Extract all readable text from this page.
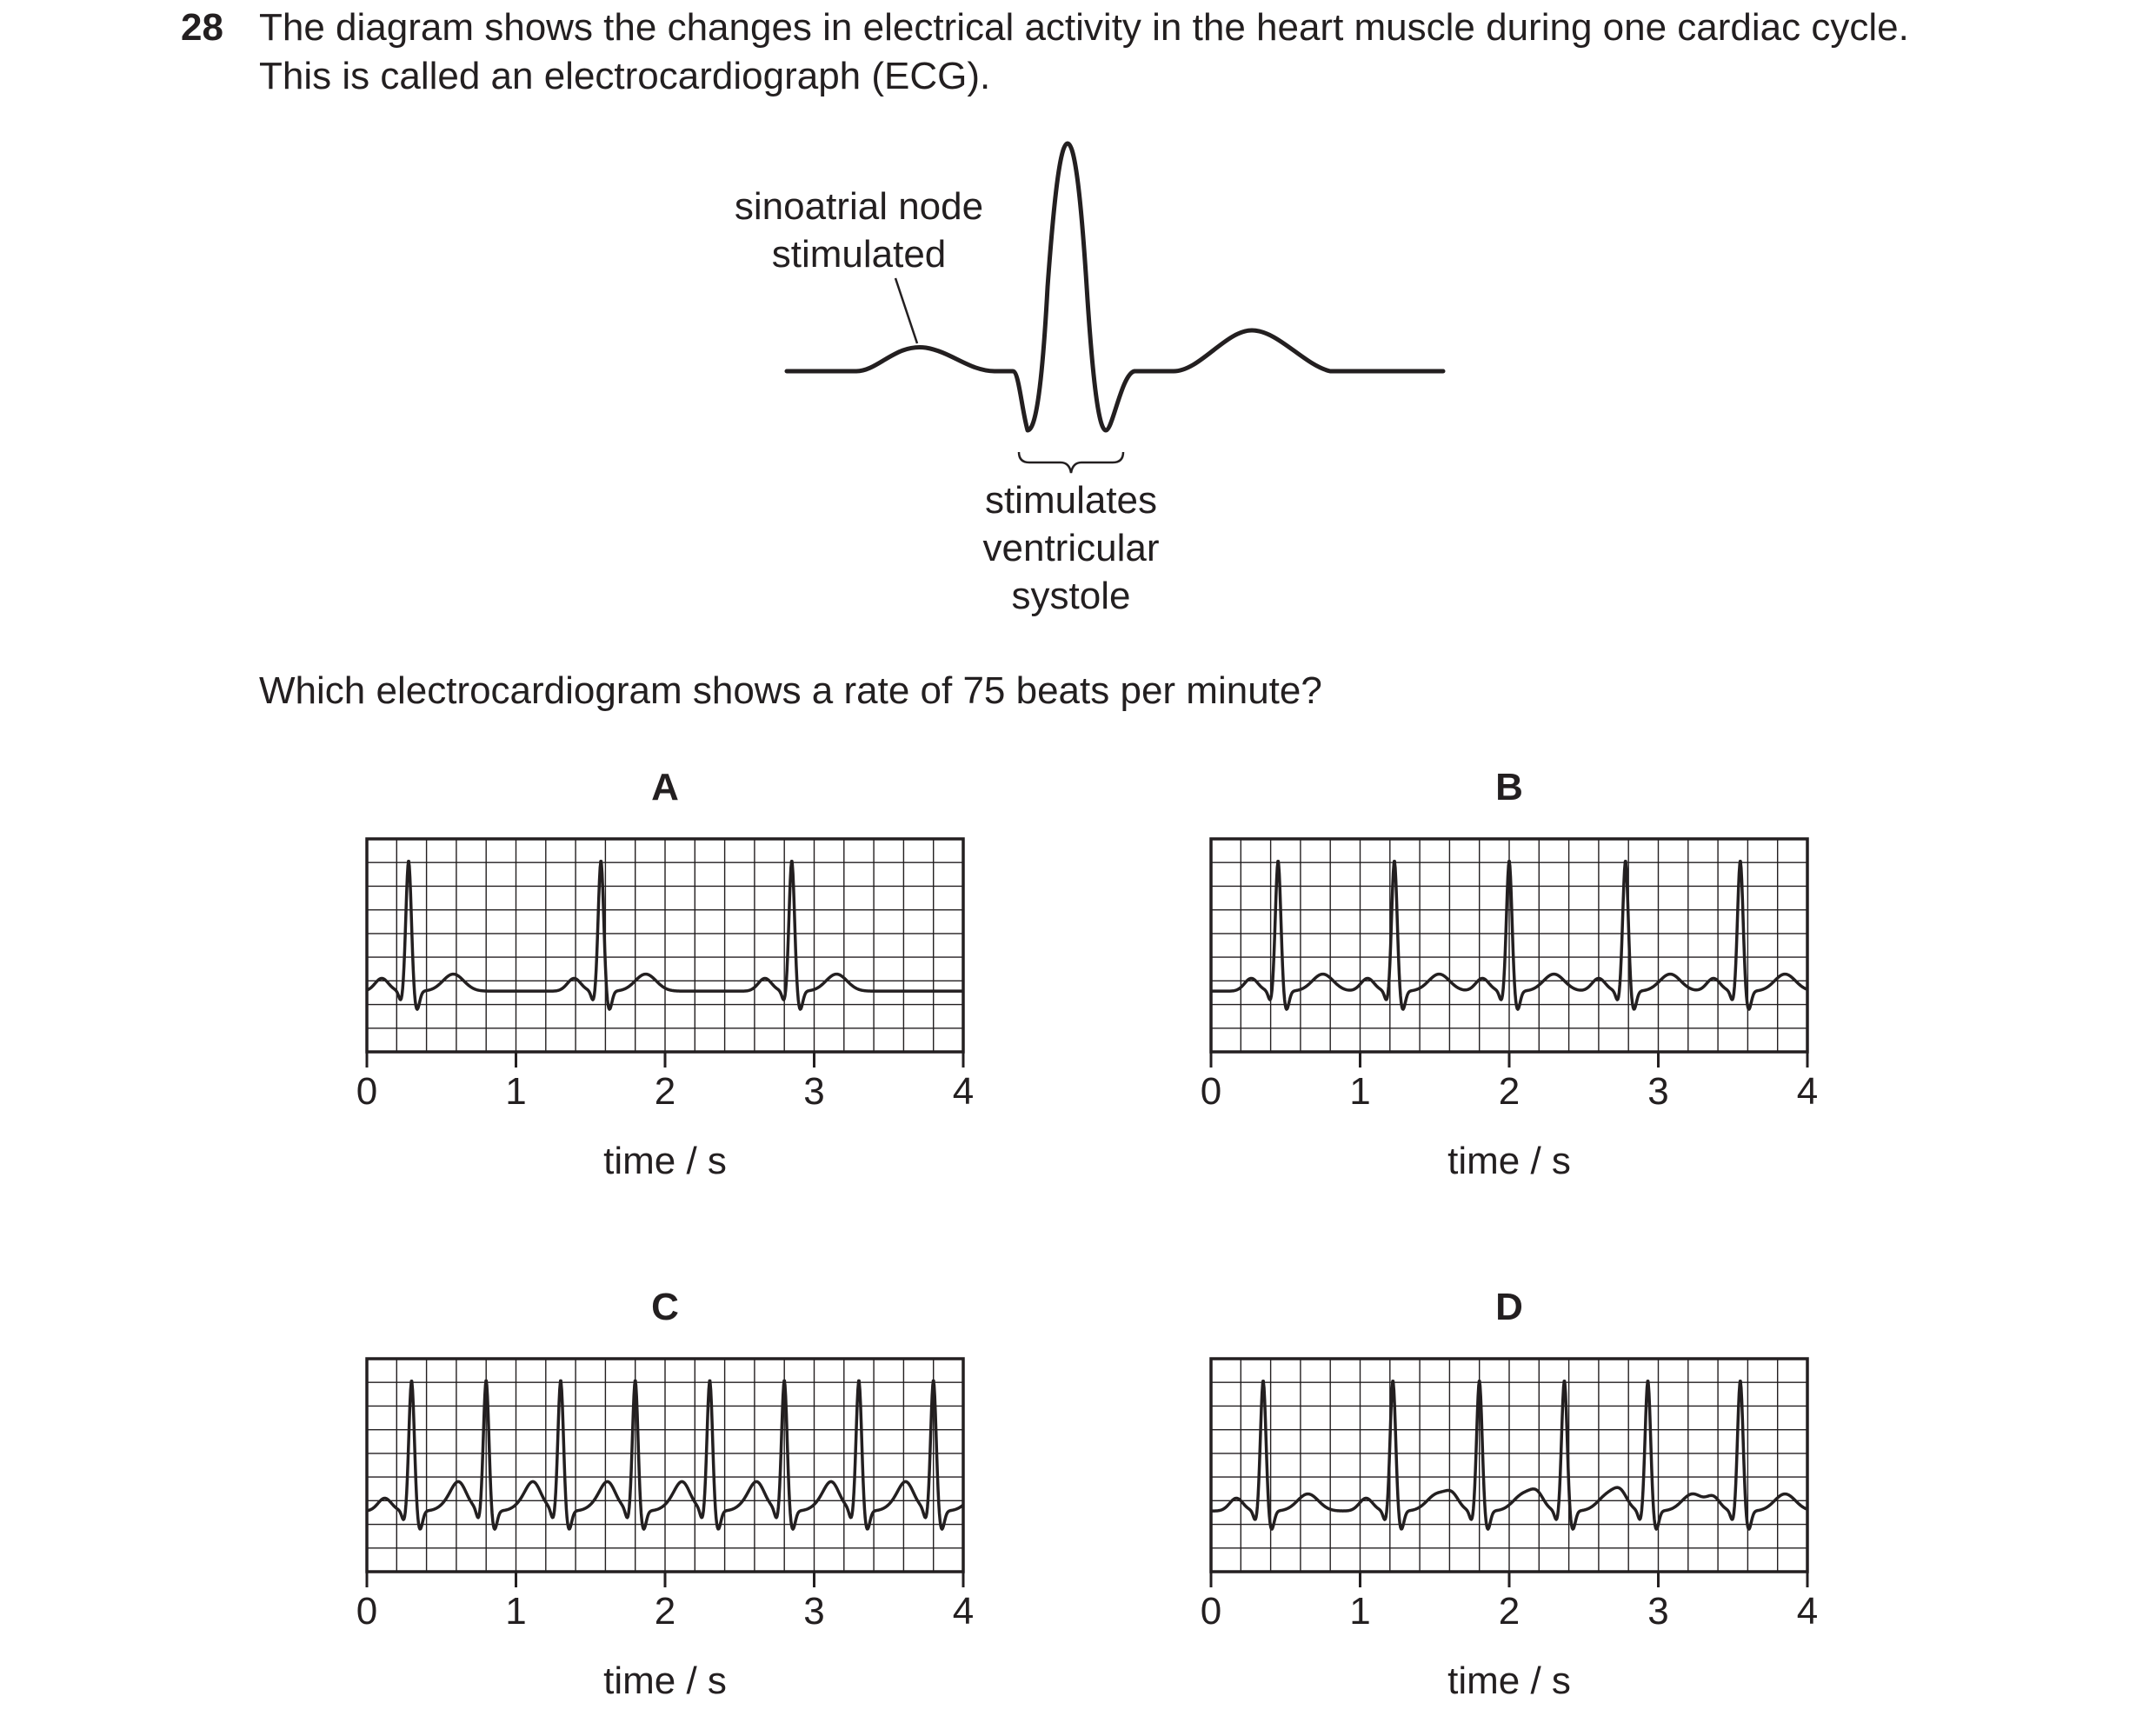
28 The diagram shows the changes in electrical activity in the heart muscle during one cardiac cycle.
This is called an electrocardiograph (ECG).
Which electrocardiogram shows a rate of 75 beats per minute?
sinoatrial node
stimulated
stimulates
ventricular
systole
A
0	1	2	3	4
time / s
B
0	1	2	3	4
time / s
C
0	1	2	3	4
time / s
D
0	1	2	3	4
time / s
